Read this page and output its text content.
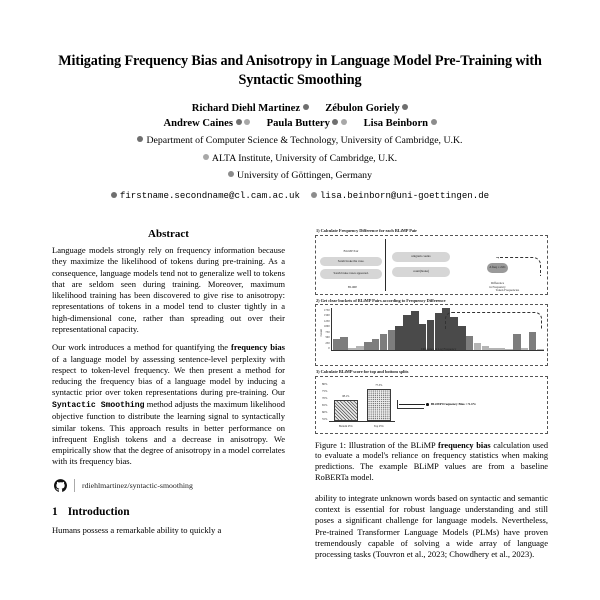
Mitigating Frequency Bias and Anisotropy in Language Model Pre-Training with Syntactic Smoothing
Richard Diehl Martinez Zébulon Goriely
Andrew Caines	Paula Buttery	Lisa Beinborn
Department of Computer Science & Technology, University of Cambridge, U.K.
ALTA Institute, University of Cambridge, U.K.
University of Göttingen, Germany
firstname.secondname@cl.cam.ac.uk lisa.beinborn@uni-goettingen.de
Abstract

Language models strongly rely on frequency information because they maximize the likelihood of tokens during pre-training. As a consequence, language models tend not to generalize well to tokens that are seldom seen during training. Moreover, maximum likelihood training has been discovered to give rise to anisotropy: representations of tokens in a model tend to cluster tightly in a high-dimensional cone, rather than spreading out over their representational capacity.

Our work introduces a method for quantifying the frequency bias of a language model by assessing sentence-level perplexity with respect to token-level frequency. We then present a method for reducing the frequency bias of a language model by inducing a syntactic prior over token representations during pre-training. Our Syntactic Smoothing method adjusts the maximum likelihood objective function to distribute the learning signal to syntactically similar tokens. This approach results in better performance on infrequent English tokens and a decrease in anisotropy. We empirically show that the degree of anisotropy in a model correlates with its frequency bias.

rdiehlmartinez/syntactic-smoothing
1 Introduction

Humans possess a remarkable ability to quickly a

1) Calculate Frequency Difference for each BLiMP Pair
BLiMP Pair
Sarah broke the vase.
Sarah broke vases appeared.
BLiMP
unigram counts
count(broke)
Token Frequencies
➞
Δ freq = 2.01
Difference
in Frequency
2) Get clear buckets of BLiMP Pairs according to Frequency Difference
Count
1750
1500
1250
1000
750
500
250
0	Difference in Log Frequency
3) Calculate BLiMP score for top and bottom splits
80%
75%
70%
65%
60%
55%
68.1%
Bottom 25%
77.5%
Top 25%
BLiMP Frequency Bias = 9.4%

Figure 1: Illustration of the BLiMP frequency bias calculation used to evaluate a model's reliance on frequency statistics when making predictions. The example BLiMP values are from a baseline RoBERTa model.

ability to integrate unknown words based on syntactic and semantic context is essential for robust language understanding and still poses a significant challenge for language models. Nevertheless, Pre-trained Transformer Language Models (PLMs) have proven tremendously capable of solving a wide array of language processing tasks (Touvron et al., 2023; Chowdhery et al., 2023).
